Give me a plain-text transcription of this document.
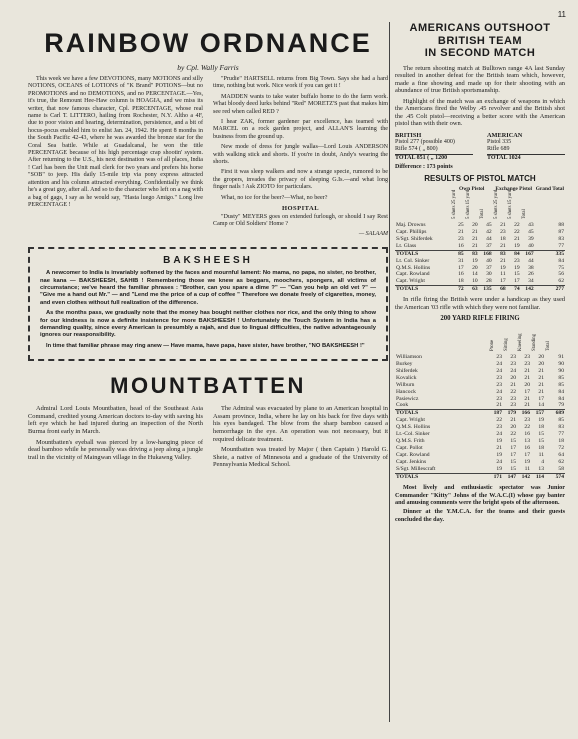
11
RAINBOW ORDNANCE
by Cpl. Wally Farris

This week we have a few DEVOTIONS, many MOTIONS and silly NOTIONS, OCEANS of LOTIONS of "K Brand" POTIONS—but no PROMOTIONS and no DEMOTIONS, and no PERCENTAGE.—Yes, it's true, the Remount Hee-Haw column is HOAGIA, and we miss its writer, that now famous character, Cpl. PERCENTAGE, whose real name is Carl T. LITTERO, hailing from Rochester, N.Y. Altho a 4F, due to poor vision and hearing, determination, persistence, and a bit of hocus-pocus enabled him to enlist Jan. 24, 1942. He spent 8 months in the South Pacific 42-43, where he was awarded the bronze star for the Coral Sea battle. While at Guadalcanal, he won the title PERCENTAGE because of his high percentage crap shootin' system. After returning to the U.S., his next destination was of all places, India ! Carl has been the Unit mail clerk for two years and prefers his horse "SOB" to jeep. His daily 15-mile trip via pony express attracted attention and his column attracted everything. Confidentially we think he's a great guy, after all. And so to the character who left on a nag with a bag of gags, I say as he would say, "Hasta luego Amigo." Long live PERCENTAGE !

"Prudie" HARTSELL returns from Big Town. Says she had a hard time, nothing but work. Nice work if you can get it !

MADDEN wants to take water buffalo home to do the farm work. What bloody deed lurks behind "Red" MORETZ'S past that makes him see red when called RED ?

I hear ZAK, former gardener par excellence, has teamed with MARCEL on a rock garden project, and ALLAN'S learning the business from the ground up.

New mode of dress for jungle wallas—Lord Louis ANDERSON with walking stick and shorts. If you're in doubt, Andy's wearing the shorts.

First it was sleep walkers and now a strange specie, rumored to be the gropers, invades the privacy of sleeping G.Is.—and what long finger nails ! Ask ZIOTO for particulars.

What, no ice for the beer?—What, no beer?

HOSPITAL

"Dusty" MEYERS goes on extended furlough, or should I say Rest Camp or Old Soldiers' Home ?

— SALAAM
BAKSHEESH

A newcomer to India is invariably softened by the faces and mournful lament: No mama, no papa, no sister, no brother, nae kana — BAKSHEESH, SAHIB ! Remembering those we knew as beggars, moochers, spongers, all victims of circumstance; we've heard the familiar phrases : "Brother, can you spare a dime ?" — "Can you help an old vet ?" — "Give me a hand out Mr." — and "Lend me the price of a cup of coffee " Therefore we donate freely of cigarettes, money, and even clothes without full realization of the difference.

As the months pass, we gradually note that the money has bought neither clothes nor rice, and the only thing to show for our kindness is now a definite insistence for more BAKSHEESH ! Unfortunately the Touch System in India has a demanding quality, since every American is presumbly a rajah, and due to lingual difficulties, the native advantageously ignores our reasponsibility.

In time that familiar phrase may ring anew — Have mama, have papa, have sister, have brother, "NO BAKSHEESH !"

MOUNTBATTEN

Admiral Lord Louis Mountbatten, head of the Southeast Asia Command, credited young American doctors to-day with saving his left eye which he had injured during an inspection of the North Burma front early in March.

Mountbatten's eyeball was pierced by a low-hanging piece of dead bamboo while he personally was driving a jeep along a jungle trail in the vicinity of Maingwan village in the Hukawng Valley.

The Admiral was evacuated by plane to an American hospital in Assam province, India, where he lay on his back for five days with his eyes bandaged. The blow from the sharp bamboo caused a hemorrhage in the eye. An operation was not necessary, but it required delicate treatment.

Mountbatten was treated by Major ( then Captain ) Harold G. Sheie, a native of Minnesota and a graduate of the University of Pennsylvania Medical School.

AMERICANS OUTSHOOT
BRITISH TEAM
IN SECOND MATCH

The return shooting match at Bulltown range 4A last Sunday resulted in another defeat for the British team which, however, made a fine showing and made up for their shooting with an abundance of true British sportsmanship.

Highlight of the match was an exchange of weapons in which the Americans fired the Welby .45 revolver and the British shot the .45 Colt pistol—receiving a better score with the American pistol than with their own.

BRITISH
Pistol 277 (possible 400)
Rifle 574 ( „ 800)
TOTAL 851 ( „ 1200
AMERICAN
Pistol 335
Rifle 689
TOTAL 1024
Difference : 173 points
RESULTS OF PISTOL MATCH
	Own Pistol			Exchange Pistol			Grand Total
	5 shots 25 yard	5 shots 15 yard	Total	5 shots 25 yard	5 shots 15 yard	Total	
Maj. Drowns	25	20	45	21	22	43	88
Capt. Phillips	21	21	42	23	22	45	87
S/Sgt. Shiferdek	23	21	44	18	21	39	83
Lt. Glass	16	21	37	21	19	40	77
TOTALS	85	83	168	83	84	167	335
Lt. Col. Sinker	31	19	40	21	23	44	84
Q.M.S. Hollins	17	20	37	19	19	38	75
Capt. Rowland	16	14	30	11	15	26	56
Capt. Wright	18	10	28	17	17	34	62
TOTALS	72	63	135	68	74	142	277

In rifle firing the British were under a handicap as they used the American '03 rifle with which they were not familiar.

200 YARD RIFLE FIRING
	Prone	Sitting	Kneeling	Standing	Total
Williamson	23	23	23	20	91
Burkey	24	23	23	20	90
Shiferdek	24	24	21	21	90
Kovalick	23	20	21	21	85
Wilburn	23	21	20	21	85
Hancock	24	22	17	21	84
Pasiewicz	23	23	21	17	84
Cook	21	23	21	14	79
TOTALS	187	179	166	157	689
Capt. Wright	22	21	23	19	85
Q.M.S. Hollins	23	20	22	18	83
Lt.-Col. Sinker	24	22	16	15	77
Q.M.S. Frith	19	15	13	15	18
Capt. Pollot	21	17	16	18	72
Capt. Rowland	19	17	17	11	64
Capt. Jenkins	24	15	19	4	62
S/Sgt. Millescraft	19	15	11	13	58
TOTALS	171	147	142	114	574

Most lively and enthusiastic spectator was Junior Commander "Kitty" Johns of the W.A.C.(I) whose gay banter and amusing comments were the bright spots of the afternoon.

Dinner at the Y.M.C.A. for the teams and their guests concluded the day.
